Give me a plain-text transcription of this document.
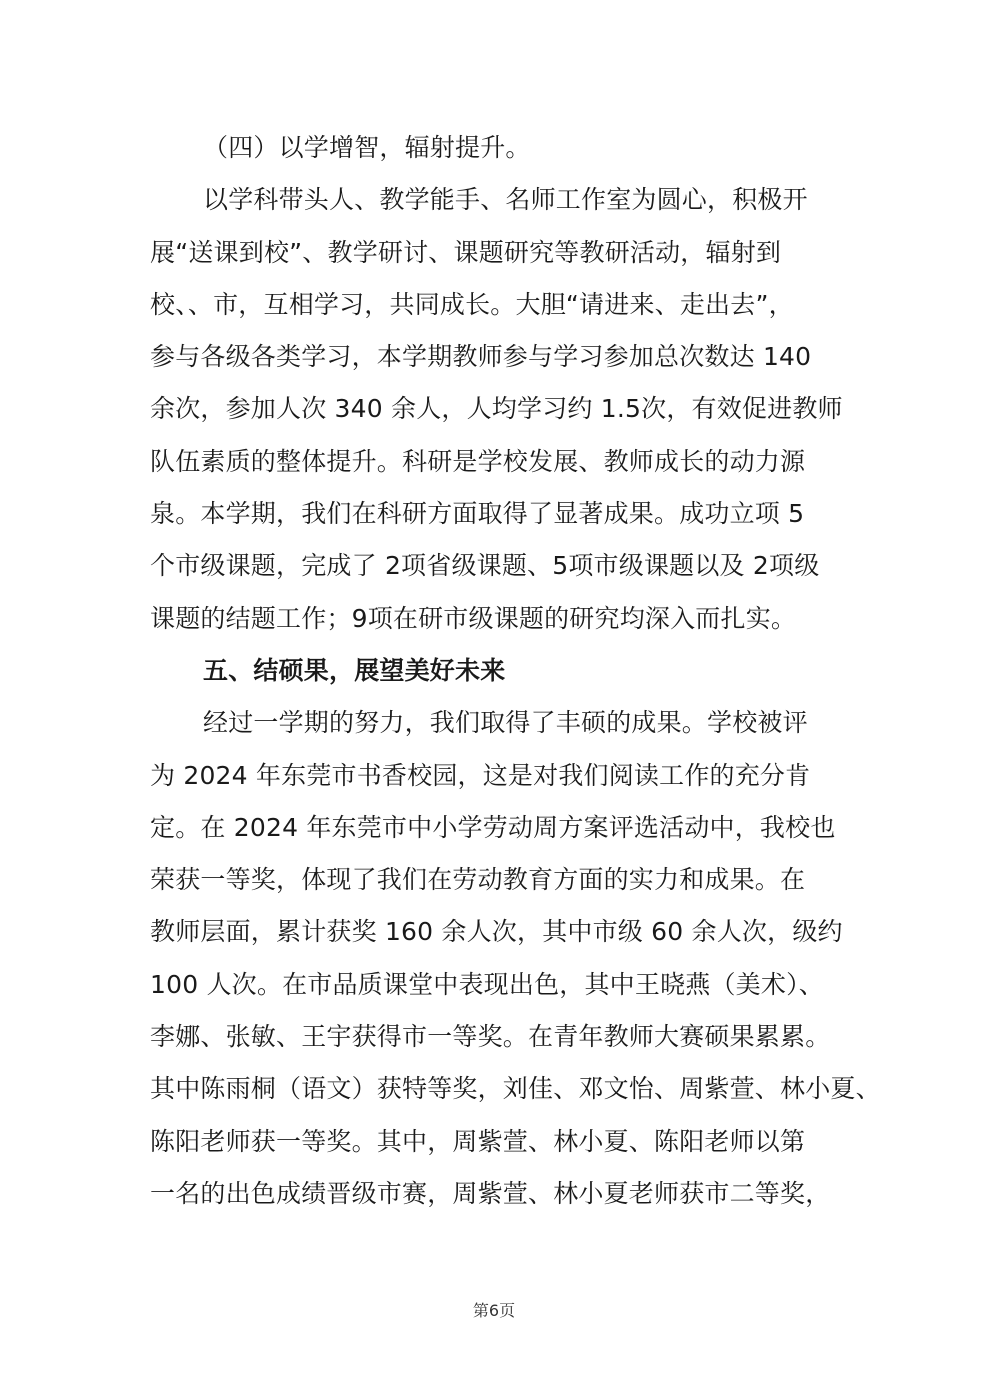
（四）以学增智，辐射提升。
以学科带头人、教学能手、名师工作室为圆心，积极开
展“送课到校”、教学研讨、课题研究等教研活动，辐射到
校、、市，互相学习，共同成长。大胆“请进来、走出去”，
参与各级各类学习，本学期教师参与学习参加总次数达 140
余次，参加人次 340 余人，人均学习约 1.5次，有效促进教师
队伍素质的整体提升。科研是学校发展、教师成长的动力源
泉。本学期，我们在科研方面取得了显著成果。成功立项 5
个市级课题，完成了 2项省级课题、5项市级课题以及 2项级
课题的结题工作；9项在研市级课题的研究均深入而扎实。
五、结硕果，展望美好未来
经过一学期的努力，我们取得了丰硕的成果。学校被评
为 2024 年东莞市书香校园，这是对我们阅读工作的充分肯
定。在 2024 年东莞市中小学劳动周方案评选活动中，我校也
荣获一等奖，体现了我们在劳动教育方面的实力和成果。在
教师层面，累计获奖 160 余人次，其中市级 60 余人次，级约
100 人次。在市品质课堂中表现出色，其中王晓燕（美术）、
李娜、张敏、王宇获得市一等奖。在青年教师大赛硕果累累。
其中陈雨桐（语文）获特等奖，刘佳、邓文怡、周紫萱、林小夏、
陈阳老师获一等奖。其中，周紫萱、林小夏、陈阳老师以第
一名的出色成绩晋级市赛，周紫萱、林小夏老师获市二等奖，
第6页
